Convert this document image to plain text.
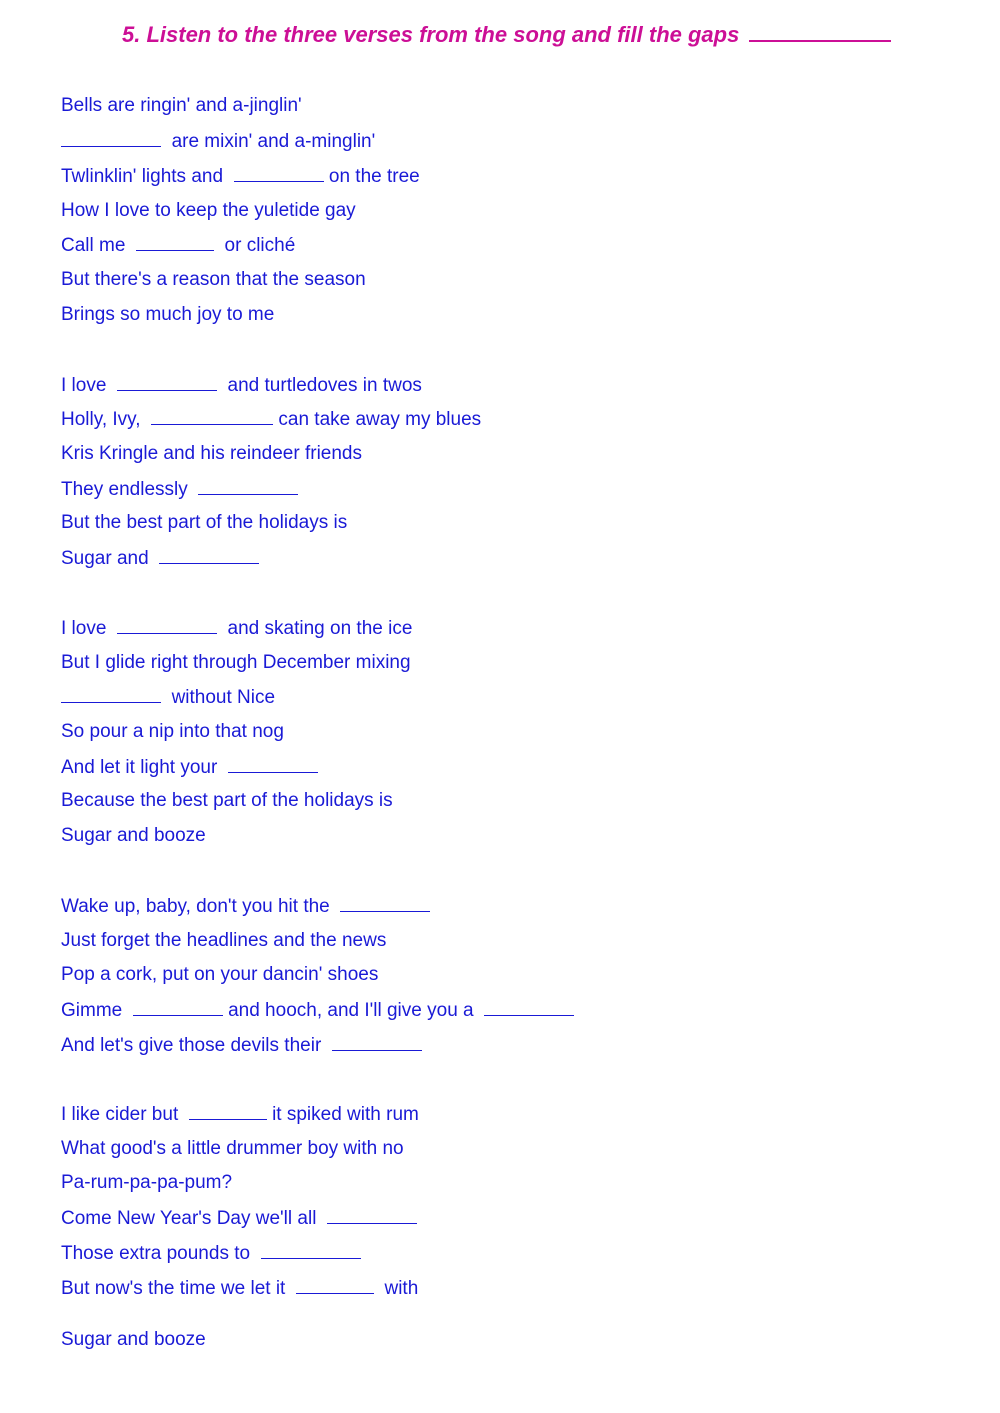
5. Listen to the three verses from the song and fill the gaps
Bells are ringin' and a-jinglin'
are mixin' and a-minglin'
Twlinklin' lights and	on the tree
How I love to keep the yuletide gay
Call me	or cliché
But there's a reason that the season
Brings so much joy to me
I love	and turtledoves in twos
Holly, Ivy,	can take away my blues
Kris Kringle and his reindeer friends
They endlessly
But the best part of the holidays is
Sugar and
I love	and skating on the ice
But I glide right through December mixing
without Nice
So pour a nip into that nog
And let it light your
Because the best part of the holidays is
Sugar and booze
Wake up, baby, don't you hit the
Just forget the headlines and the news
Pop a cork, put on your dancin' shoes
Gimme	and hooch, and I'll give you a
And let's give those devils their
I like cider but	it spiked with rum
What good's a little drummer boy with no
Pa-rum-pa-pa-pum?
Come New Year's Day we'll all
Those extra pounds to
But now's the time we let it	with
Sugar and booze
